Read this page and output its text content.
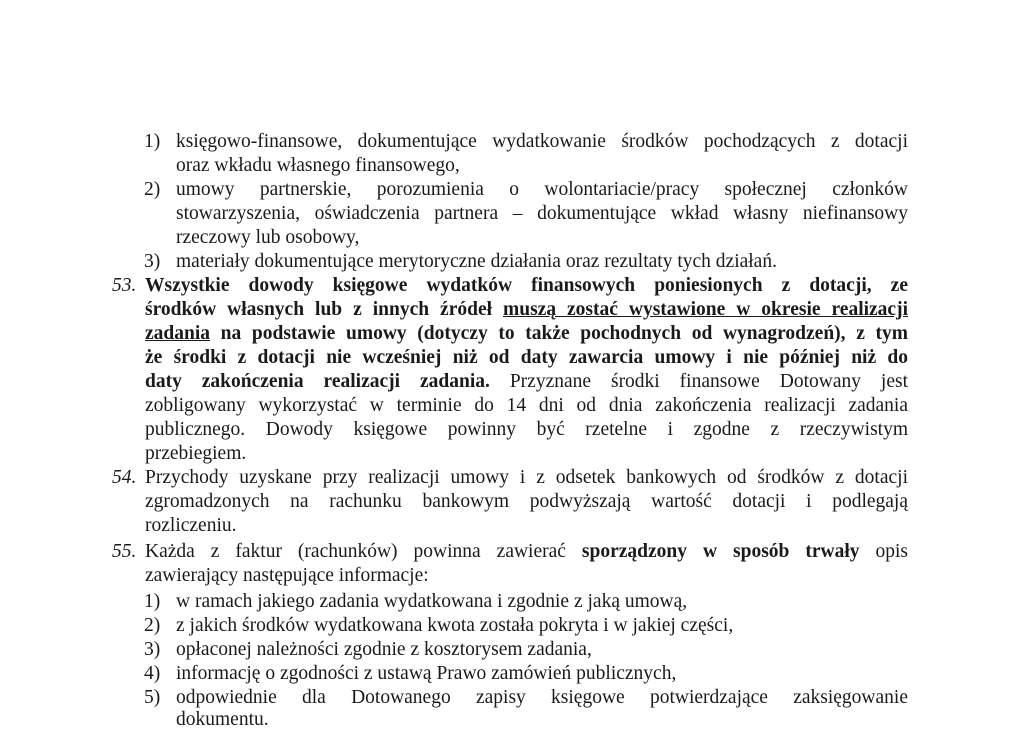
1) księgowo-finansowe, dokumentujące wydatkowanie środków pochodzących z dotacji
oraz wkładu własnego finansowego,
2) umowy partnerskie, porozumienia o wolontariacie/pracy społecznej członków
stowarzyszenia, oświadczenia partnera – dokumentujące wkład własny niefinansowy
rzeczowy lub osobowy,
3) materiały dokumentujące merytoryczne działania oraz rezultaty tych działań.
53. Wszystkie dowody księgowe wydatków finansowych poniesionych z dotacji, ze
środków własnych lub z innych źródeł muszą zostać wystawione w okresie realizacji
zadania na podstawie umowy (dotyczy to także pochodnych od wynagrodzeń), z tym
że środki z dotacji nie wcześniej niż od daty zawarcia umowy i nie później niż do
daty zakończenia realizacji zadania. Przyznane środki finansowe Dotowany jest
zobligowany wykorzystać w terminie do 14 dni od dnia zakończenia realizacji zadania
publicznego. Dowody księgowe powinny być rzetelne i zgodne z rzeczywistym
przebiegiem.
54. Przychody uzyskane przy realizacji umowy i z odsetek bankowych od środków z dotacji
zgromadzonych na rachunku bankowym podwyższają wartość dotacji i podlegają
rozliczeniu.
55. Każda z faktur (rachunków) powinna zawierać sporządzony w sposób trwały opis
zawierający następujące informacje:
1) w ramach jakiego zadania wydatkowana i zgodnie z jaką umową,
2) z jakich środków wydatkowana kwota została pokryta i w jakiej części,
3) opłaconej należności zgodnie z kosztorysem zadania,
4) informację o zgodności z ustawą Prawo zamówień publicznych,
5) odpowiednie dla Dotowanego zapisy księgowe potwierdzające zaksięgowanie
dokumentu.
